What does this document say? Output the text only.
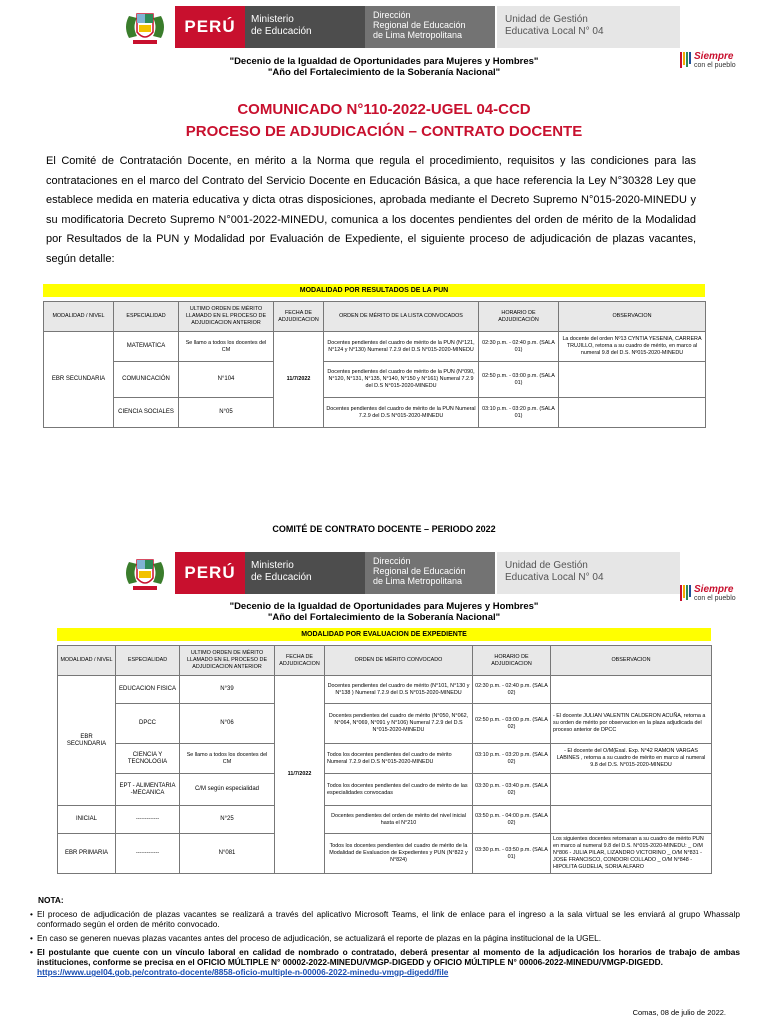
PERÚ	Ministerio
de Educación
Dirección
Regional de Educación
de Lima Metropolitana
Unidad de Gestión
Educativa Local N° 04
Siempre
con el pueblo
"Decenio de la Igualdad de Oportunidades para Mujeres y Hombres"
"Año del Fortalecimiento de la Soberanía Nacional"
COMUNICADO N°110-2022-UGEL 04-CCD
PROCESO DE ADJUDICACIÓN – CONTRATO DOCENTE

El Comité de Contratación Docente, en mérito a la Norma que regula el procedimiento, requisitos y las condiciones para las contrataciones en el marco del Contrato del Servicio Docente en Educación Básica, a que hace referencia la Ley N°30328 Ley que establece medida en materia educativa y dicta otras disposiciones, aprobada mediante el Decreto Supremo N°015-2020-MINEDU y su modificatoria Decreto Supremo N°001-2022-MINEDU, comunica a los docentes pendientes del orden de mérito de la Modalidad por Resultados de la PUN y Modalidad por Evaluación de Expediente, el siguiente proceso de adjudicación de plazas vacantes, según detalle:

MODALIDAD POR RESULTADOS DE LA PUN
MODALIDAD / NIVEL	ESPECIALIDAD	ULTIMO ORDEN DE MÉRITO LLAMADO EN EL PROCESO DE ADJUDICACION ANTERIOR	FECHA DE ADJUDICACION	ORDEN DE MÉRITO DE LA LISTA CONVOCADOS	HORARIO DE ADJUDICACIÓN	OBSERVACION
EBR SECUNDARIA	MATEMATICA	Se llamo a todos los docentes del CM	11/7/2022	Docentes pendientes del cuadro de mérito de la PUN (N°121, N°124 y N°130) Numeral 7.2.9 del D.S N°015-2020-MINEDU	02:30 p.m. - 02:40 p.m. (SALA 01)	La docente del orden Nº13 CYNTIA YESENIA, CARRERA TRUJILLO, retorna a su cuadro de mérito, en marco al numeral 9.8 del D.S. Nº015-2020-MINEDU
	COMUNICACIÓN	N°104		Docentes pendientes del cuadro de mérito de la PUN (N°090, N°120, N°131, N°135, N°140, N°150 y N°161) Numeral 7.2.9 del D.S N°015-2020-MINEDU	02:50 p.m. - 03:00 p.m. (SALA 01)	
	CIENCIA SOCIALES	N°05		Docentes pendientes del cuadro de mérito de la PUN Numeral 7.2.9 del D.S N°015-2020-MINEDU	03:10 p.m. - 03:20 p.m. (SALA 01)	
COMITÉ DE CONTRATO DOCENTE – PERIODO 2022
PERÚ	Ministerio
de Educación
Dirección
Regional de Educación
de Lima Metropolitana
Unidad de Gestión
Educativa Local N° 04
Siempre
con el pueblo
"Decenio de la Igualdad de Oportunidades para Mujeres y Hombres"
"Año del Fortalecimiento de la Soberanía Nacional"
MODALIDAD POR EVALUACION DE EXPEDIENTE
MODALIDAD / NIVEL	ESPECIALIDAD	ULTIMO ORDEN DE MÉRITO LLAMADO EN EL PROCESO DE ADJUDICACION ANTERIOR	FECHA DE ADJUDICACION	ORDEN DE MÉRITO CONVOCADO	HORARIO DE ADJUDICACION	OBSERVACION
EBR SECUNDARIA	EDUCACION FISICA	N°39	11/7/2022	Docentes pendientes del cuadro de mérito (N°101, N°130 y N°138 ) Numeral 7.2.9 del D.S N°015-2020-MINEDU	02:30 p.m. - 02:40 p.m. (SALA 02)	
	DPCC	N°06		Docentes pendientes del cuadro de mérito (N°050, N°062, N°064, N°069, N°091 y N°106) Numeral 7.2.9 del D.S N°015-2020-MINEDU	02:50 p.m. - 03:00 p.m. (SALA 02)	- El docente JULIAN VALENTIN CALDERON ACUÑA, retorna a su orden de mérito por observacion en la plaza adjudicada del proceso anterior de DPCC
	CIENCIA Y TECNOLOGIA	Se llamo a todos los docentes del CM		Todos los docentes pendientes del cuadro de mérito Numeral 7.2.9 del D.S N°015-2020-MINEDU	03:10 p.m. - 03:20 p.m. (SALA 02)	- El docente del O/M(Exal. Exp. N°42 RAMON VARGAS LABINES , retorna a su cuadro de mérito en marco al numeral 9.8 del D.S. N°015-2020-MINEDU
	EPT - ALIMENTARIA -MECANICA	C/M según especialidad		Todos los docentes pendientes del cuadro de mérito de las especialidades convocadas	03:30 p.m. - 03:40 p.m. (SALA 02)	
INICIAL	-------------	N°25		Docentes pendientes del orden de mérito del nivel inicial hasta el N°210	03:50 p.m. - 04:00 p.m. (SALA 02)	
EBR PRIMARIA	-------------	N°081		Todos los docentes pendientes del cuadro de mérito de la Modalidad de Evaluacion de Expedientes y PUN (N°822 y N°824)	03:30 p.m. - 03:50 p.m. (SALA 01)	Los siguientes docentes retornaran a su cuadro de mérito PUN en marco al numeral 9.8 del D.S. N°015-2020-MINEDU: _ O/M N°806 - JULIA PILAR, LIZANDRO VICTORINO _ O/M N°831 - JOSE FRANCISCO, CONDORI COLLADO _ O/M N°848 - HIPOLITA GUDELIA, SORIA ALFARO
NOTA:
• El proceso de adjudicación de plazas vacantes se realizará a través del aplicativo Microsoft Teams, el link de enlace para el ingreso a la sala virtual se les enviará al grupo Whassalp conformado según el orden de mérito convocado.
• En caso se generen nuevas plazas vacantes antes del proceso de adjudicación, se actualizará el reporte de plazas en la página institucional de la UGEL.
• El postulante que cuente con un vínculo laboral en calidad de nombrado o contratado, deberá presentar al momento de la adjudicación los horarios de trabajo de ambas instituciones, conforme se precisa en el OFICIO MÚLTIPLE N° 00002-2022-MINEDU/VMGP-DIGEDD y OFICIO MÚLTIPLE N° 00006-2022-MINEDU/VMGP-DIGEDD.
https://www.ugel04.gob.pe/contrato-docente/8858-oficio-multiple-n-00006-2022-minedu-vmgp-digedd/file
Comas, 08 de julio de 2022.
